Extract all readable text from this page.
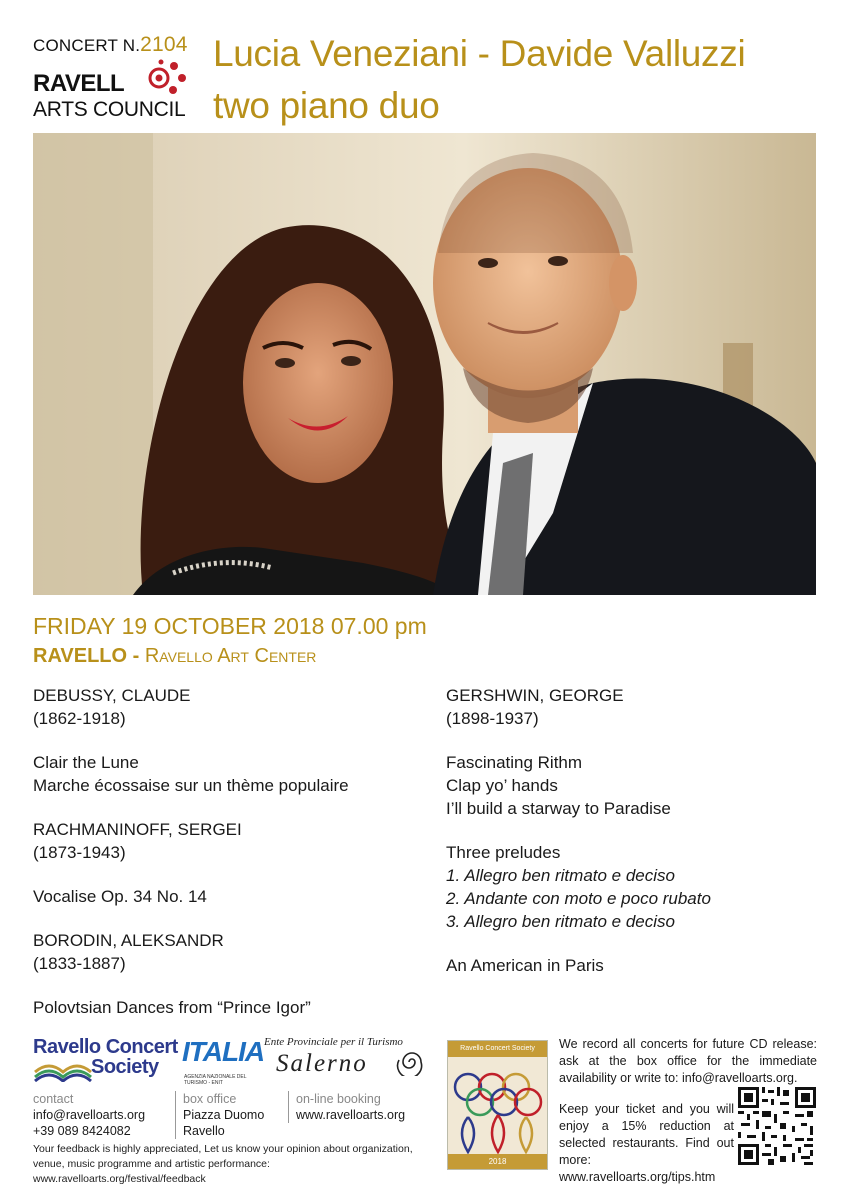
CONCERT N.2104
RAVELL
ARTS COUNCIL
Lucia Veneziani - Davide Valluzzi
two piano duo
FRIDAY 19 OCTOBER 2018 07.00 pm
RAVELLO - Ravello Art Center
DEBUSSY, CLAUDE
(1862-1918)
Clair the Lune
Marche écossaise sur un thème populaire
RACHMANINOFF, SERGEI
(1873-1943)
Vocalise Op. 34 No. 14
BORODIN, ALEKSANDR
(1833-1887)
Polovtsian Dances from “Prince Igor”
GERSHWIN, GEORGE
(1898-1937)
Fascinating Rithm
Clap yo’ hands
I’ll build a starway to Paradise
Three preludes
1. Allegro ben ritmato e deciso
2. Andante con moto e poco rubato
3. Allegro ben ritmato e deciso
An American in Paris
Ravello Concert
Society ITALIA
AGENZIA NAZIONALE DEL TURISMO - ENIT
Ente Provinciale per il Turismo
Salerno
contact
info@ravelloarts.org
+39 089 8424082
box office
Piazza Duomo
Ravello
on-line booking
www.ravelloarts.org
Your feedback is highly appreciated, Let us know your opinion about organization, venue, music programme and artistic performance: www.ravelloarts.org/festival/feedback
Ravello Concert Society
2018
We record all concerts for future CD release: ask at the box office for the immediate availability or write to: info@ravelloarts.org.
Keep your ticket and you will enjoy a 15% reduction at selected restaurants. Find out more:
www.ravelloarts.org/tips.htm
